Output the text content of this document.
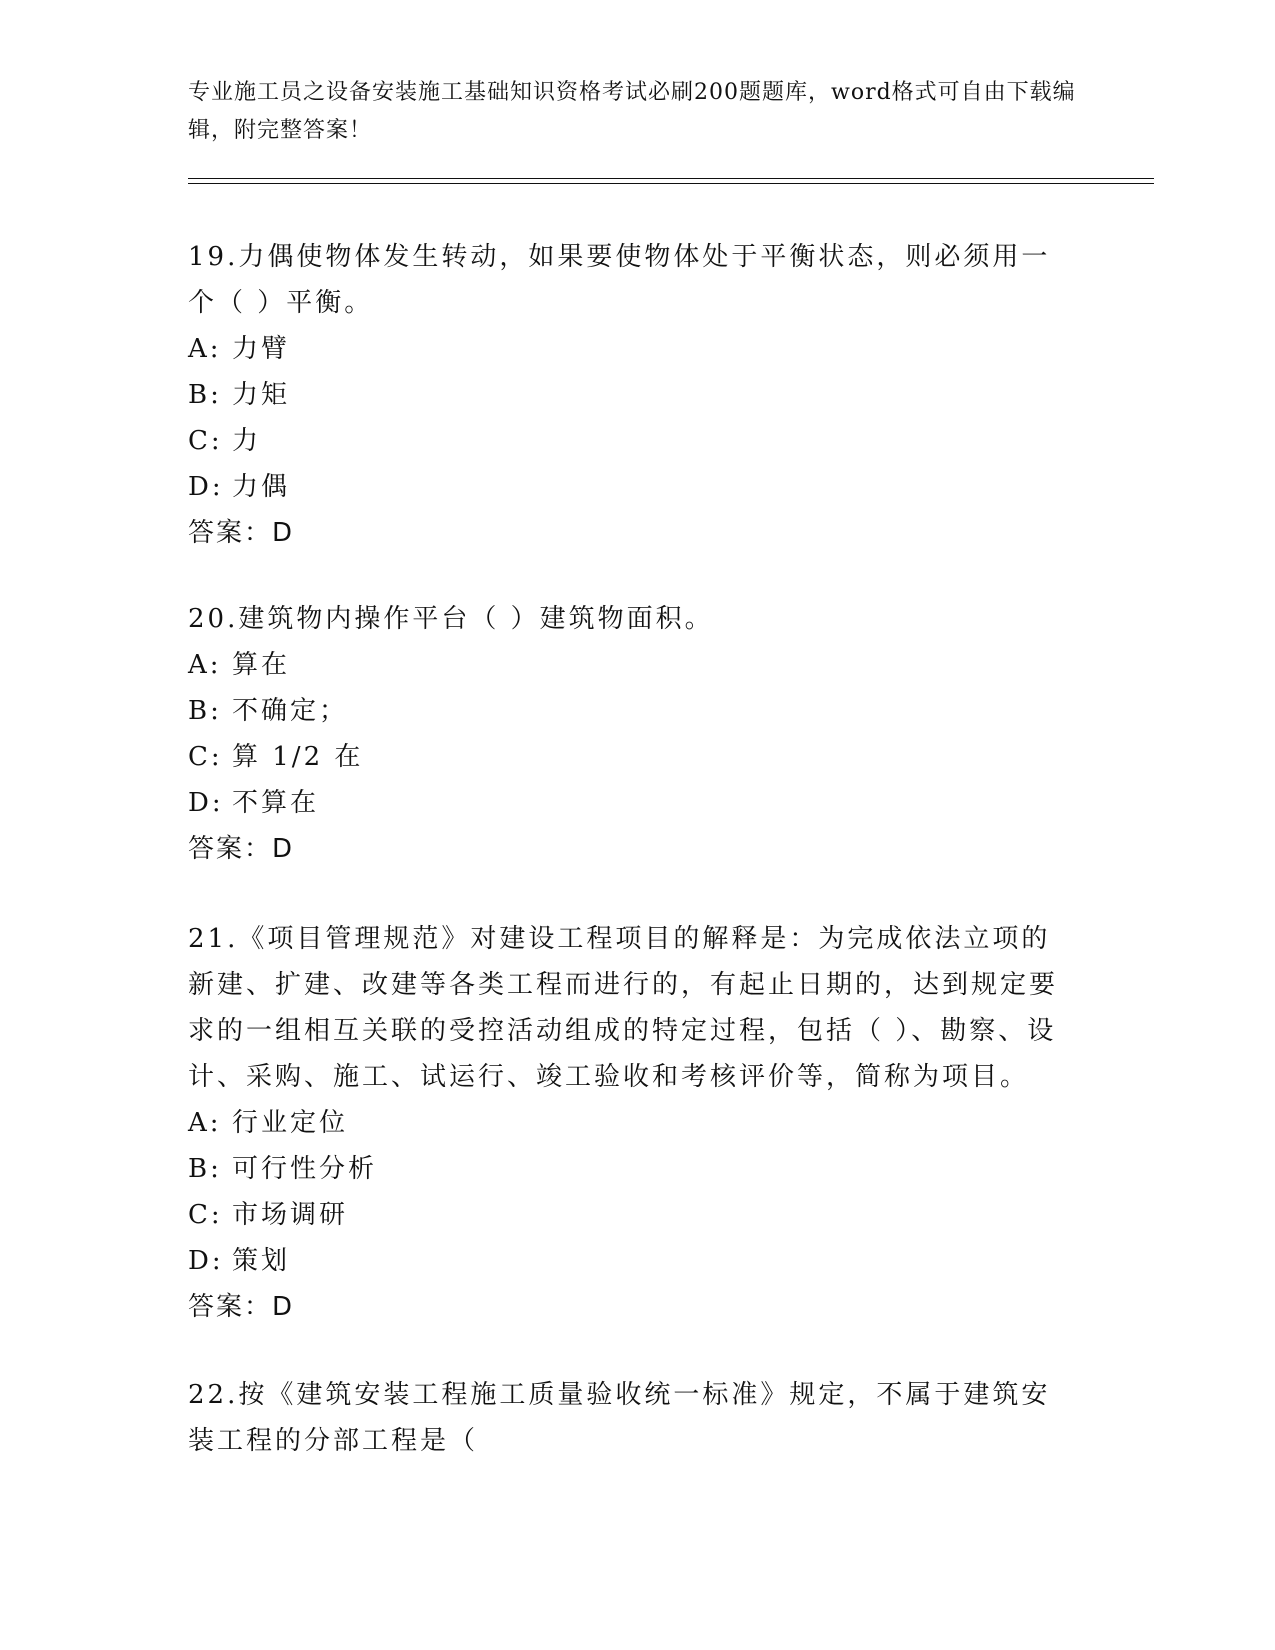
专业施工员之设备安装施工基础知识资格考试必刷200题题库，word格式可自由下载编辑，附完整答案！
19.力偶使物体发生转动，如果要使物体处于平衡状态，则必须用一个（ ）平衡。
A: 力臂
B: 力矩
C: 力
D: 力偶
答案：D
20.建筑物内操作平台（ ）建筑物面积。
A: 算在
B: 不确定；
C: 算 1/2 在
D: 不算在
答案：D
21.《项目管理规范》对建设工程项目的解释是：为完成依法立项的新建、扩建、改建等各类工程而进行的，有起止日期的，达到规定要求的一组相互关联的受控活动组成的特定过程，包括（ ）、勘察、设计、采购、施工、试运行、竣工验收和考核评价等，简称为项目。
A: 行业定位
B: 可行性分析
C: 市场调研
D: 策划
答案：D
22.按《建筑安装工程施工质量验收统一标准》规定，不属于建筑安装工程的分部工程是（
